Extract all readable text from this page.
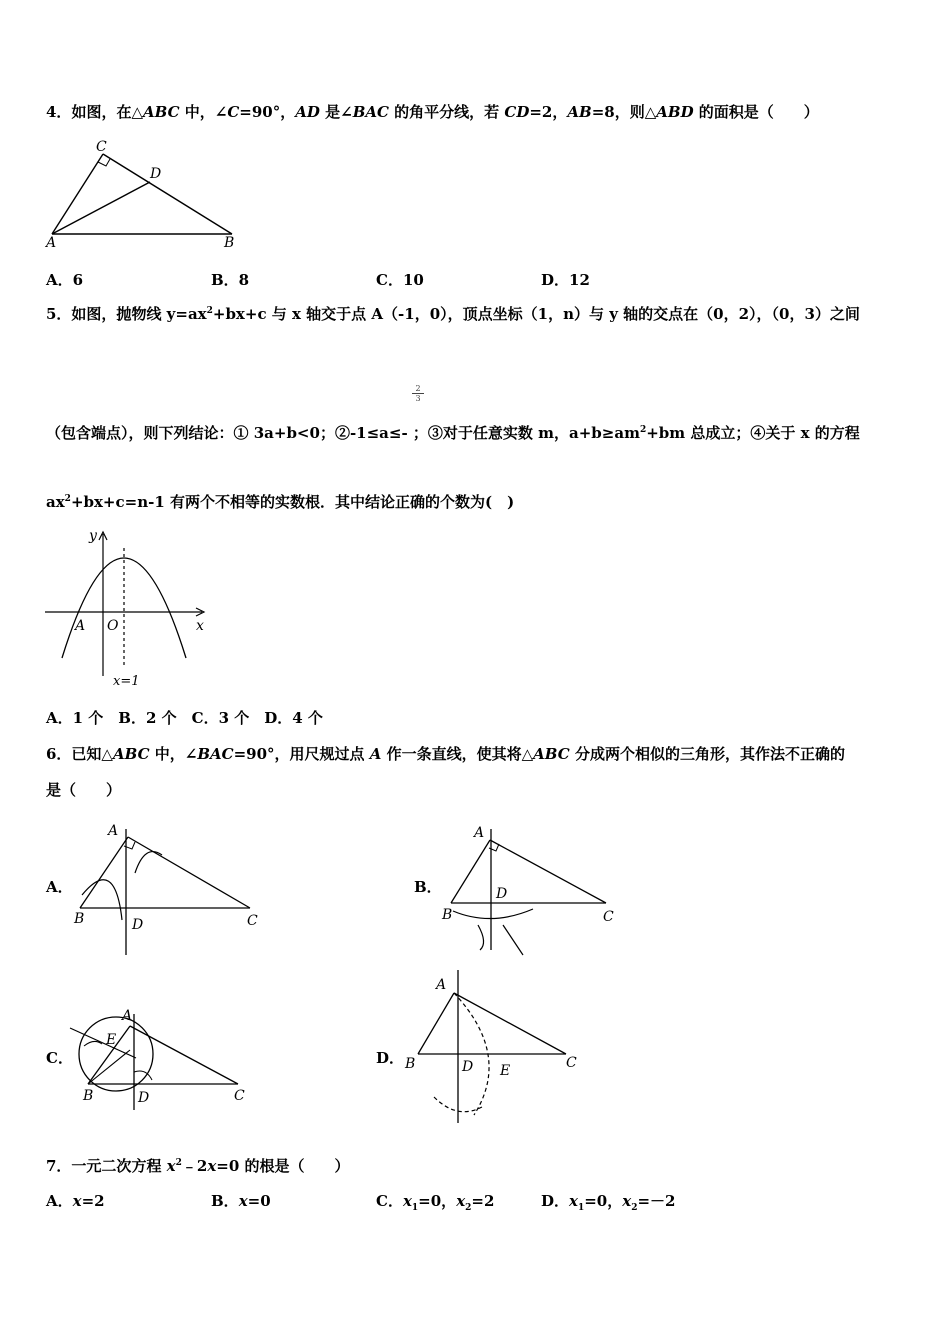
4．如图，在△ABC 中，∠C=90°，AD 是∠BAC 的角平分线，若 CD=2，AB=8，则△ABD 的面积是（　　）
C
D
A	B
A．6	B．8	C．10	D．12
5．如图，抛物线 $y=ax^2+bx+c$ 与 x 轴交于点 A（-1，0），顶点坐标（1，n）与 y 轴的交点在（0，2），（0，3）之间
$\frac{2}{3}$
（包含端点），则下列结论：① 3a+b<0；②-1≤a≤- ；③对于任意实数 m，$a+b\ge am^2+bm$ 总成立；④关于 x 的方程
$ax^2+bx+c=n-1$ 有两个不相等的实数根．其中结论正确的个数为(　)
y
x
A O
x=1
A．1 个　B．2 个　C．3 个　D．4 个
6．已知△ABC 中，∠BAC=90°，用尺规过点 A 作一条直线，使其将△ABC 分成两个相似的三角形，其作法不正确的
是（　　）
A．
A
B	D	C
B．
A
B
D
C
C．
A
E
B	D	C
D．
A
B	D E	C
7．一元二次方程 $x^2﹣2x=0$ 的根是（　　）
A．x=2	B．x=0	C．$x_1=0$，$x_2=2$	D．$x_1=0$，$x_2=-2$
